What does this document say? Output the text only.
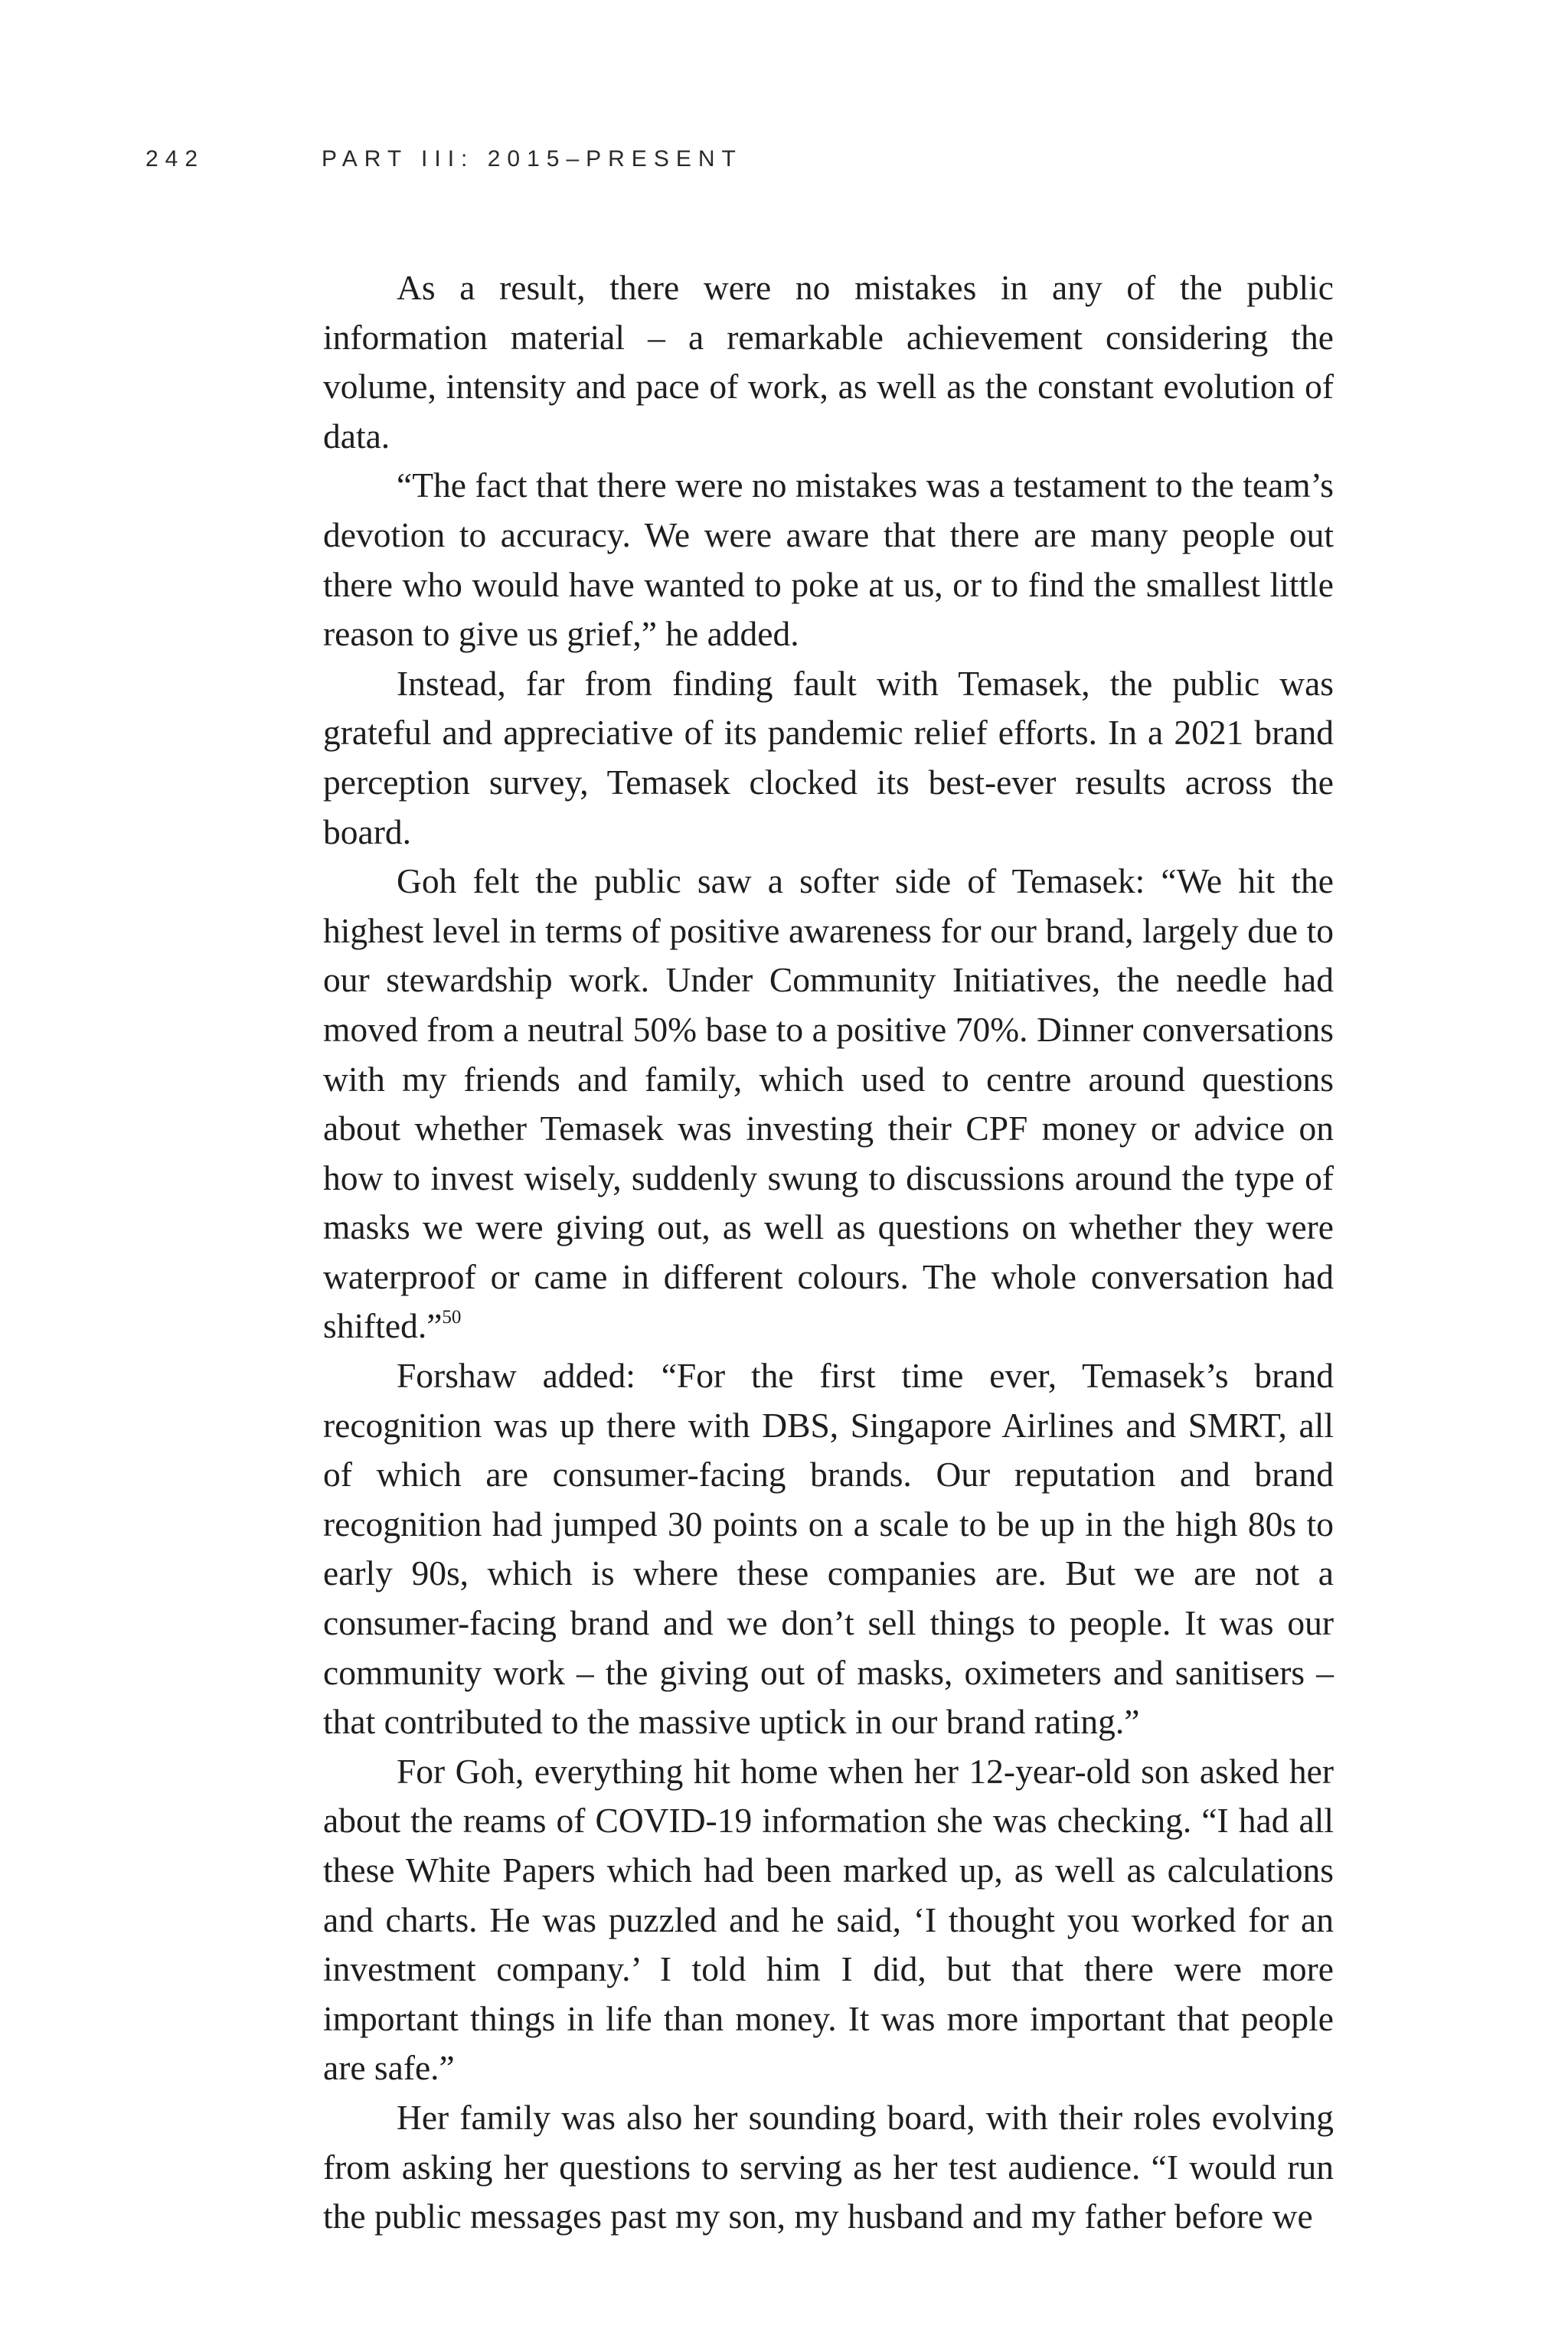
242	PART III: 2015–PRESENT

As a result, there were no mistakes in any of the public information material – a remarkable achievement considering the volume, intensity and pace of work, as well as the constant evolution of data.

“The fact that there were no mistakes was a testament to the team’s devotion to accuracy. We were aware that there are many people out there who would have wanted to poke at us, or to find the smallest little reason to give us grief,” he added.

Instead, far from finding fault with Temasek, the public was grateful and appreciative of its pandemic relief efforts. In a 2021 brand perception survey, Temasek clocked its best-ever results across the board.

Goh felt the public saw a softer side of Temasek: “We hit the highest level in terms of positive awareness for our brand, largely due to our stewardship work. Under Community Initiatives, the needle had moved from a neutral 50% base to a positive 70%. Dinner conversations with my friends and family, which used to centre around questions about whether Temasek was investing their CPF money or advice on how to invest wisely, suddenly swung to discussions around the type of masks we were giving out, as well as questions on whether they were waterproof or came in different colours. The whole conversation had shifted.”$^{50}$

Forshaw added: “For the first time ever, Temasek’s brand recognition was up there with DBS, Singapore Airlines and SMRT, all of which are consumer-facing brands. Our reputation and brand recognition had jumped 30 points on a scale to be up in the high 80s to early 90s, which is where these companies are. But we are not a consumer-facing brand and we don’t sell things to people. It was our community work – the giving out of masks, oximeters and sanitisers – that contributed to the massive uptick in our brand rating.”

For Goh, everything hit home when her 12-year-old son asked her about the reams of COVID-19 information she was checking. “I had all these White Papers which had been marked up, as well as calculations and charts. He was puzzled and he said, ‘I thought you worked for an investment company.’ I told him I did, but that there were more important things in life than money. It was more important that people are safe.”

Her family was also her sounding board, with their roles evolving from asking her questions to serving as her test audience. “I would run the public messages past my son, my husband and my father before we
